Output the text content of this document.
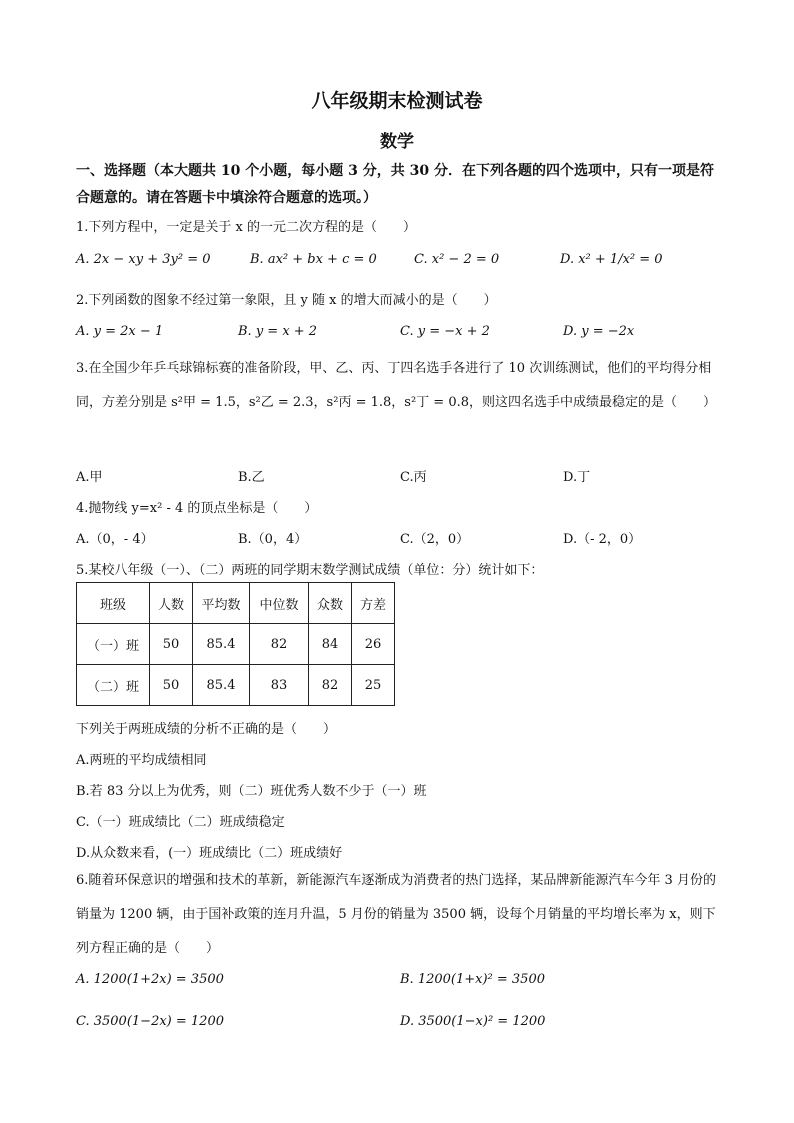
八年级期末检测试卷
数学
一、选择题（本大题共 10 个小题，每小题 3 分，共 30 分．在下列各题的四个选项中，只有一项是符合题意的。请在答题卡中填涂符合题意的选项。）
1.下列方程中，一定是关于 x 的一元二次方程的是（　　）
A. 2x − xy + 3y² = 0	B. ax² + bx + c = 0	C. x² − 2 = 0	D. x² + 1/x² = 0
2.下列函数的图象不经过第一象限，且 y 随 x 的增大而减小的是（　　）
A. y = 2x − 1	B. y = x + 2	C. y = −x + 2	D. y = −2x
3.在全国少年乒乓球锦标赛的准备阶段，甲、乙、丙、丁四名选手各进行了 10 次训练测试，他们的平均得分相同，方差分别是 s²甲 = 1.5，s²乙 = 2.3，s²丙 = 1.8，s²丁 = 0.8，则这四名选手中成绩最稳定的是（　　）
A.甲	B.乙	C.丙	D.丁
4.抛物线 y=x² - 4 的顶点坐标是（　　）
A.（0，- 4）	B.（0，4）	C.（2，0）	D.（- 2，0）
5.某校八年级（一）、（二）两班的同学期末数学测试成绩（单位：分）统计如下：
班级	人数	平均数	中位数	众数	方差
（一）班	50	85.4	82	84	26
（二）班	50	85.4	83	82	25
下列关于两班成绩的分析不正确的是（　　）
A.两班的平均成绩相同
B.若 83 分以上为优秀，则（二）班优秀人数不少于（一）班
C.（一）班成绩比（二）班成绩稳定
D.从众数来看，(一）班成绩比（二）班成绩好
6.随着环保意识的增强和技术的革新，新能源汽车逐渐成为消费者的热门选择，某品牌新能源汽车今年 3 月份的销量为 1200 辆，由于国补政策的连月升温，5 月份的销量为 3500 辆，设每个月销量的平均增长率为 x，则下列方程正确的是（　　）
A. 1200(1+2x) = 3500	B. 1200(1+x)² = 3500
C. 3500(1−2x) = 1200	D. 3500(1−x)² = 1200
